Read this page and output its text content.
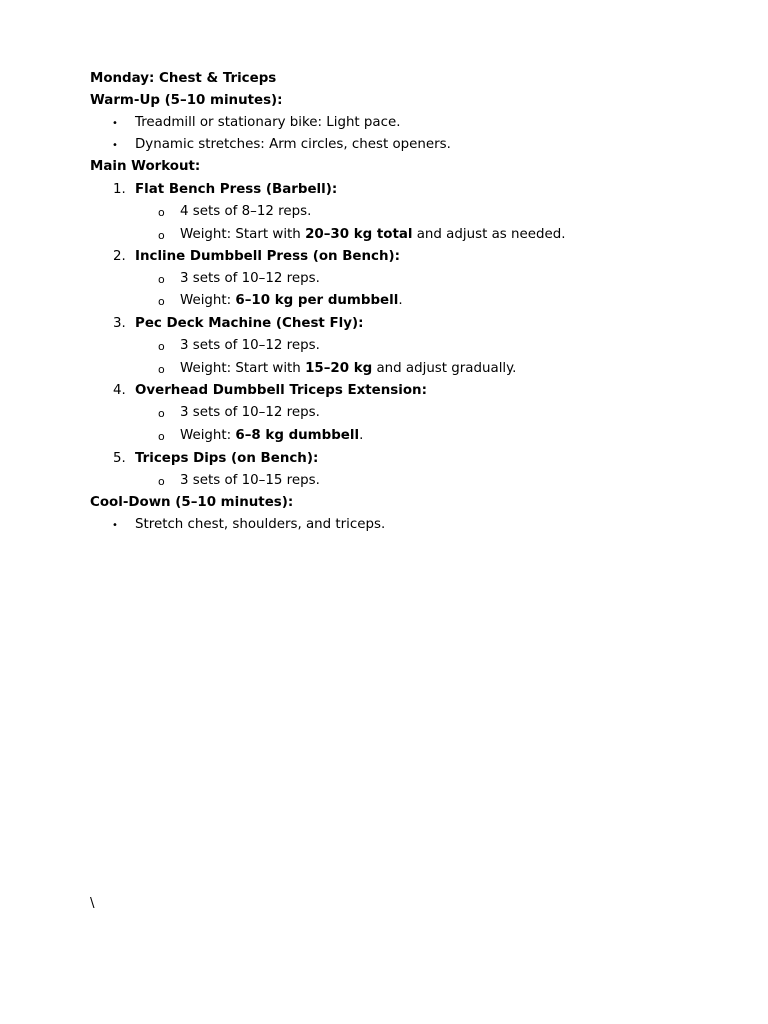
Monday: Chest & Triceps
Warm-Up (5–10 minutes):
• Treadmill or stationary bike: Light pace.
• Dynamic stretches: Arm circles, chest openers.
Main Workout:
1. Flat Bench Press (Barbell):
o 4 sets of 8–12 reps.
o Weight: Start with 20–30 kg total and adjust as needed.
2. Incline Dumbbell Press (on Bench):
o 3 sets of 10–12 reps.
o Weight: 6–10 kg per dumbbell.
3. Pec Deck Machine (Chest Fly):
o 3 sets of 10–12 reps.
o Weight: Start with 15–20 kg and adjust gradually.
4. Overhead Dumbbell Triceps Extension:
o 3 sets of 10–12 reps.
o Weight: 6–8 kg dumbbell.
5. Triceps Dips (on Bench):
o 3 sets of 10–15 reps.
Cool-Down (5–10 minutes):
• Stretch chest, shoulders, and triceps.
\
